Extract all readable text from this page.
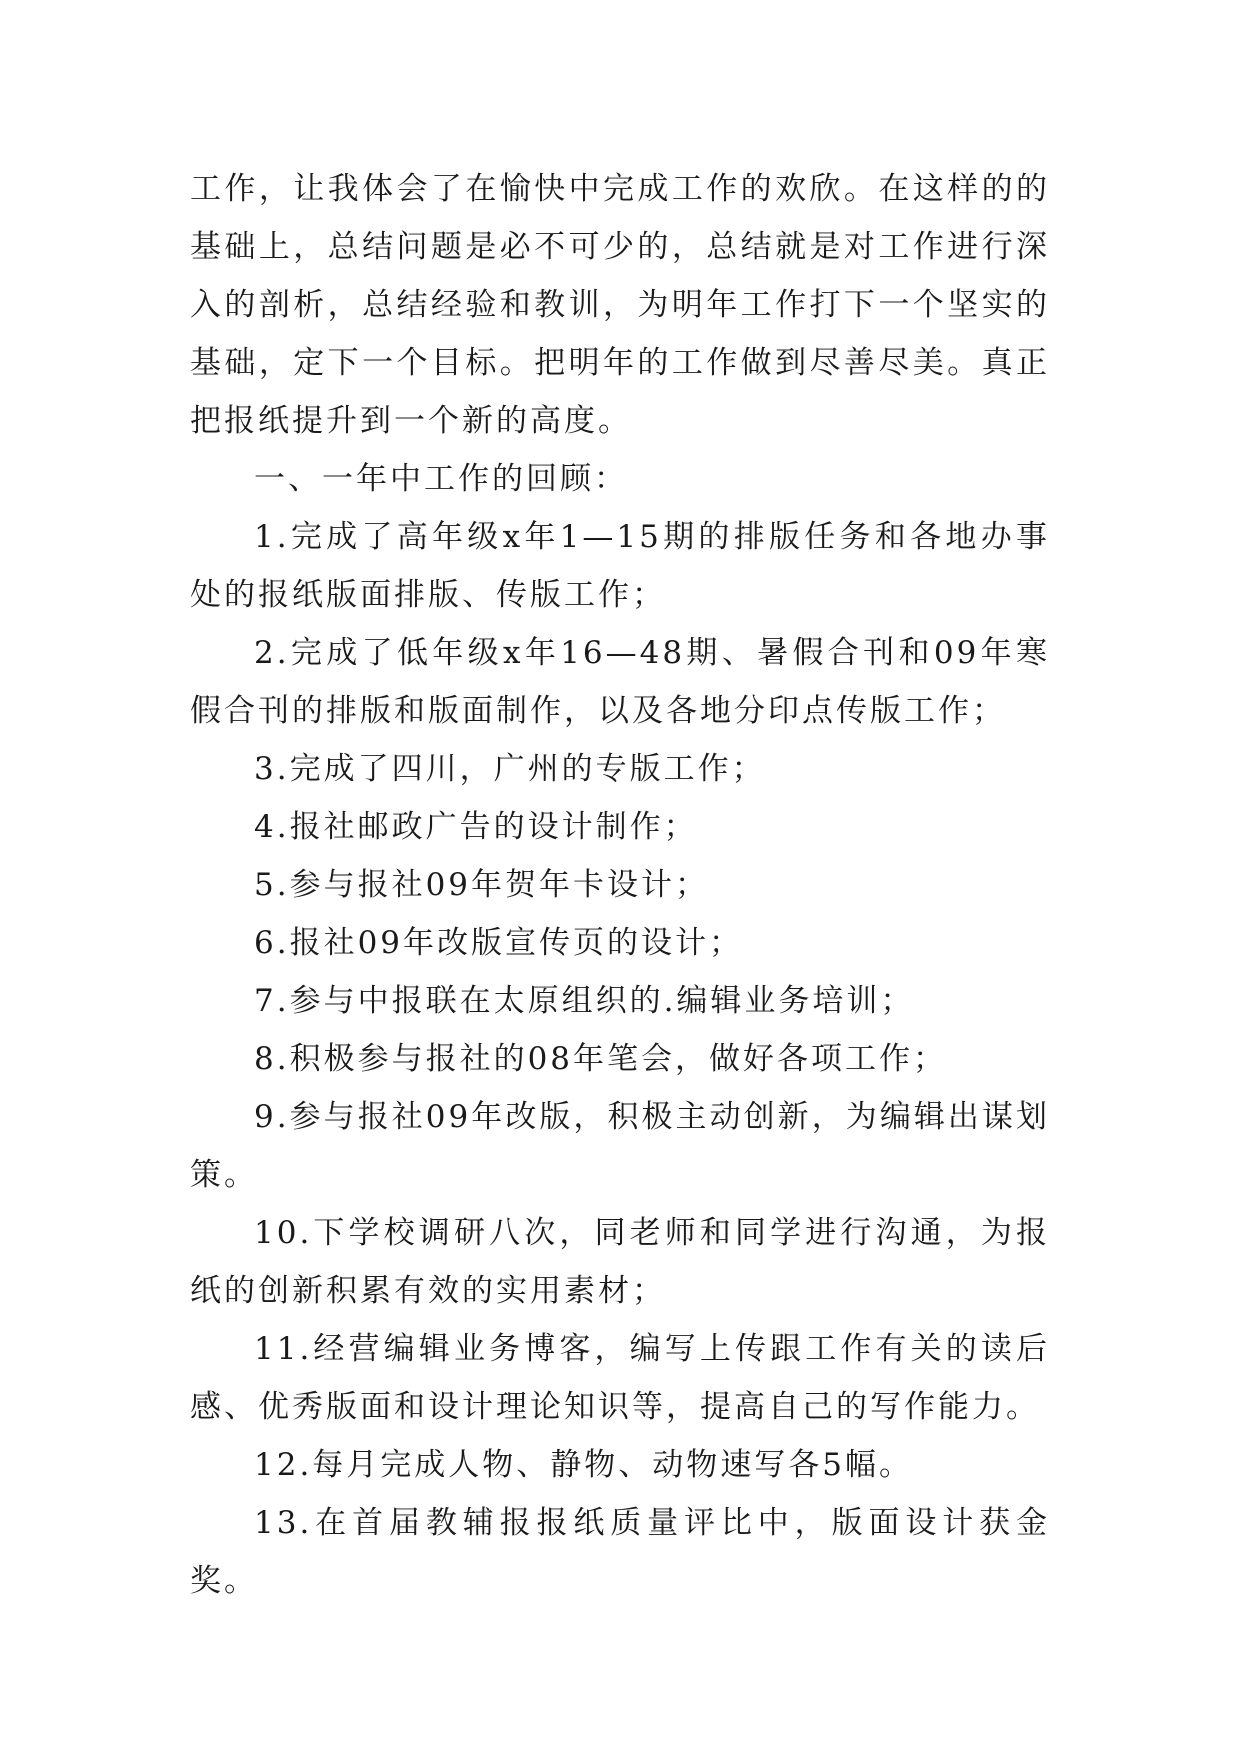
工作，让我体会了在愉快中完成工作的欢欣。在这样的的基础上，总结问题是必不可少的，总结就是对工作进行深入的剖析，总结经验和教训，为明年工作打下一个坚实的基础，定下一个目标。把明年的工作做到尽善尽美。真正把报纸提升到一个新的高度。

一、一年中工作的回顾：

1.完成了高年级x年1—15期的排版任务和各地办事处的报纸版面排版、传版工作；

2.完成了低年级x年16—48期、暑假合刊和09年寒假合刊的排版和版面制作，以及各地分印点传版工作；

3.完成了四川，广州的专版工作；

4.报社邮政广告的设计制作；

5.参与报社09年贺年卡设计；

6.报社09年改版宣传页的设计；

7.参与中报联在太原组织的.编辑业务培训；

8.积极参与报社的08年笔会，做好各项工作；

9.参与报社09年改版，积极主动创新，为编辑出谋划策。

10.下学校调研八次，同老师和同学进行沟通，为报纸的创新积累有效的实用素材；

11.经营编辑业务博客，编写上传跟工作有关的读后感、优秀版面和设计理论知识等，提高自己的写作能力。

12.每月完成人物、静物、动物速写各5幅。

13.在首届教辅报报纸质量评比中，版面设计获金奖。
